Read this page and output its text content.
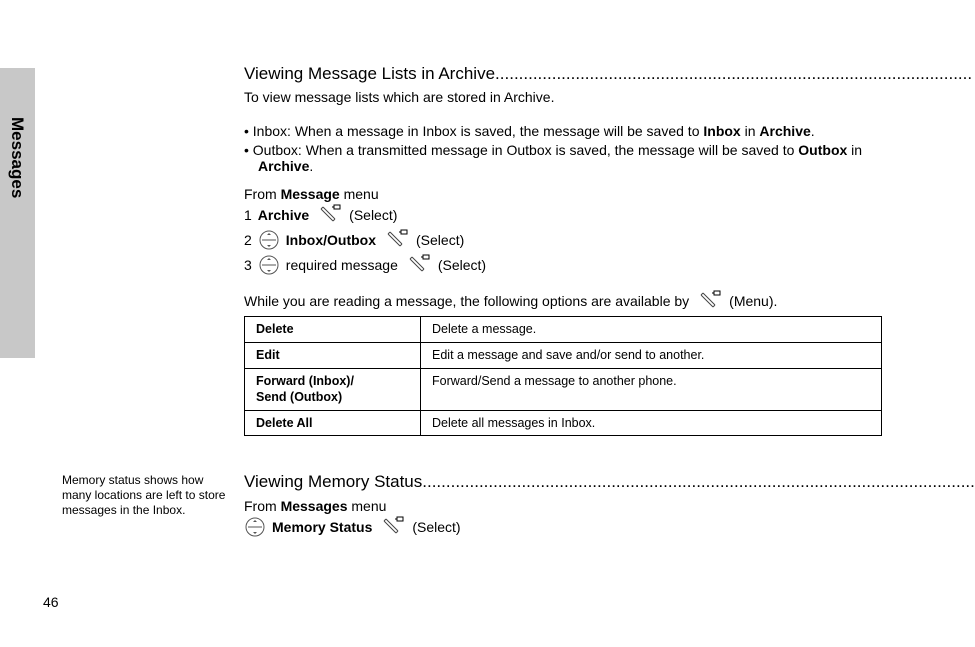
Messages
Viewing Message Lists in Archive.....................................................................................................
To view message lists which are stored in Archive.
• Inbox: When a message in Inbox is saved, the message will be saved to Inbox in Archive.
• Outbox: When a transmitted message in Outbox is saved, the message will be saved to Outbox in
Archive.
From Message menu
1 Archive	(Select)
2 Inbox/Outbox	(Select)
3 required message	(Select)
While you are reading a message, the following options are available by	(Menu).
Delete	Delete a message.
Edit	Edit a message and save and/or send to another.

Forward (Inbox)/
Send (Outbox)	Forward/Send a message to another phone.
Delete All	Delete all messages in Inbox.
Memory status shows how many locations are left to store messages in the Inbox.
Viewing Memory Status.....................................................................................................................
From Messages menu
Memory Status	(Select)
46
